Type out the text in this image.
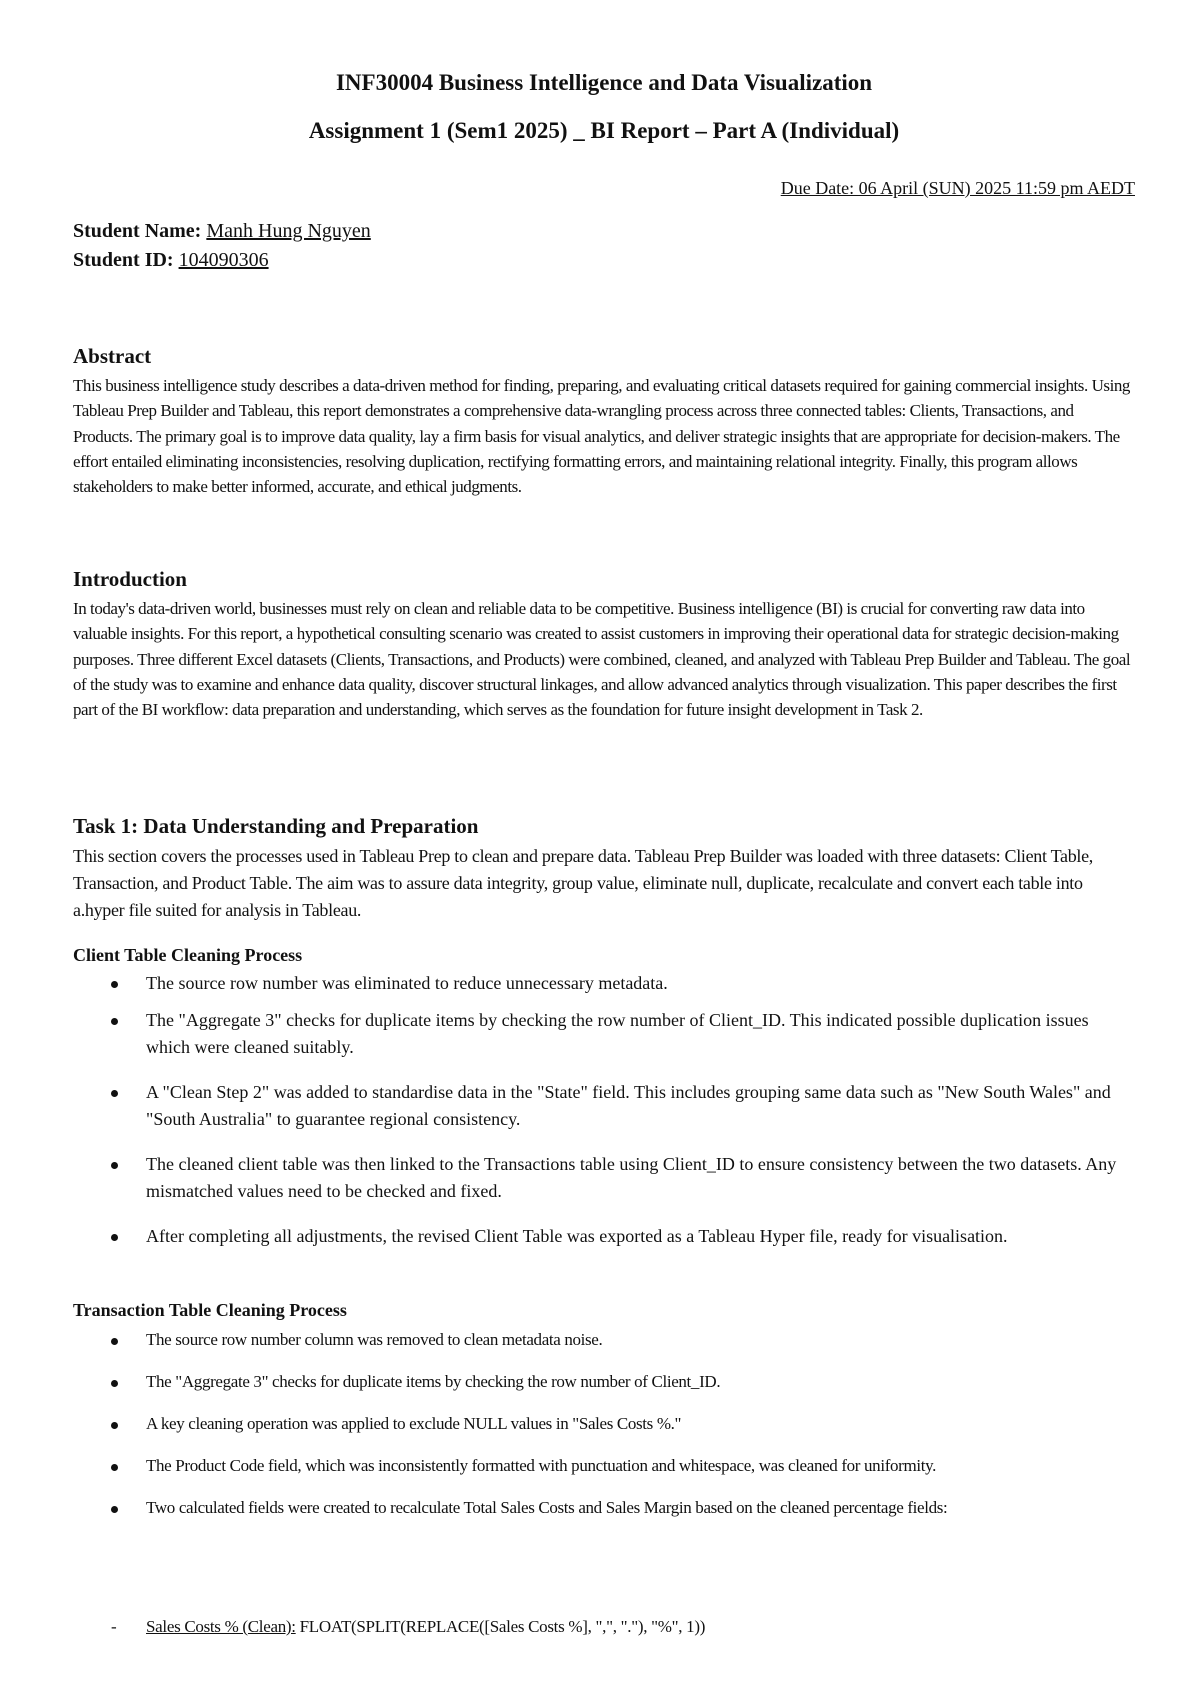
INF30004 Business Intelligence and Data Visualization
Assignment 1 (Sem1 2025) _ BI Report – Part A (Individual)
Due Date: 06 April (SUN) 2025 11:59 pm AEDT
Student Name: Manh Hung Nguyen
Student ID: 104090306
Abstract

This business intelligence study describes a data-driven method for finding, preparing, and evaluating critical datasets required for gaining commercial insights. Using Tableau Prep Builder and Tableau, this report demonstrates a comprehensive data-wrangling process across three connected tables: Clients, Transactions, and Products. The primary goal is to improve data quality, lay a firm basis for visual analytics, and deliver strategic insights that are appropriate for decision-makers. The effort entailed eliminating inconsistencies, resolving duplication, rectifying formatting errors, and maintaining relational integrity. Finally, this program allows stakeholders to make better informed, accurate, and ethical judgments.

Introduction

In today's data-driven world, businesses must rely on clean and reliable data to be competitive. Business intelligence (BI) is crucial for converting raw data into valuable insights. For this report, a hypothetical consulting scenario was created to assist customers in improving their operational data for strategic decision-making purposes. Three different Excel datasets (Clients, Transactions, and Products) were combined, cleaned, and analyzed with Tableau Prep Builder and Tableau. The goal of the study was to examine and enhance data quality, discover structural linkages, and allow advanced analytics through visualization. This paper describes the first part of the BI workflow: data preparation and understanding, which serves as the foundation for future insight development in Task 2.

Task 1: Data Understanding and Preparation

This section covers the processes used in Tableau Prep to clean and prepare data. Tableau Prep Builder was loaded with three datasets: Client Table, Transaction, and Product Table. The aim was to assure data integrity, group value, eliminate null, duplicate, recalculate and convert each table into a.hyper file suited for analysis in Tableau.

Client Table Cleaning Process
The source row number was eliminated to reduce unnecessary metadata.
The "Aggregate 3" checks for duplicate items by checking the row number of Client_ID. This indicated possible duplication issues which were cleaned suitably.
A "Clean Step 2" was added to standardise data in the "State" field. This includes grouping same data such as "New South Wales" and "South Australia" to guarantee regional consistency.
The cleaned client table was then linked to the Transactions table using Client_ID to ensure consistency between the two datasets. Any mismatched values need to be checked and fixed.
After completing all adjustments, the revised Client Table was exported as a Tableau Hyper file, ready for visualisation.
Transaction Table Cleaning Process
The source row number column was removed to clean metadata noise.
The "Aggregate 3" checks for duplicate items by checking the row number of Client_ID.
A key cleaning operation was applied to exclude NULL values in "Sales Costs %."
The Product Code field, which was inconsistently formatted with punctuation and whitespace, was cleaned for uniformity.
Two calculated fields were created to recalculate Total Sales Costs and Sales Margin based on the cleaned percentage fields:
- Sales Costs % (Clean): FLOAT(SPLIT(REPLACE([Sales Costs %], ",", "."), "%", 1))
